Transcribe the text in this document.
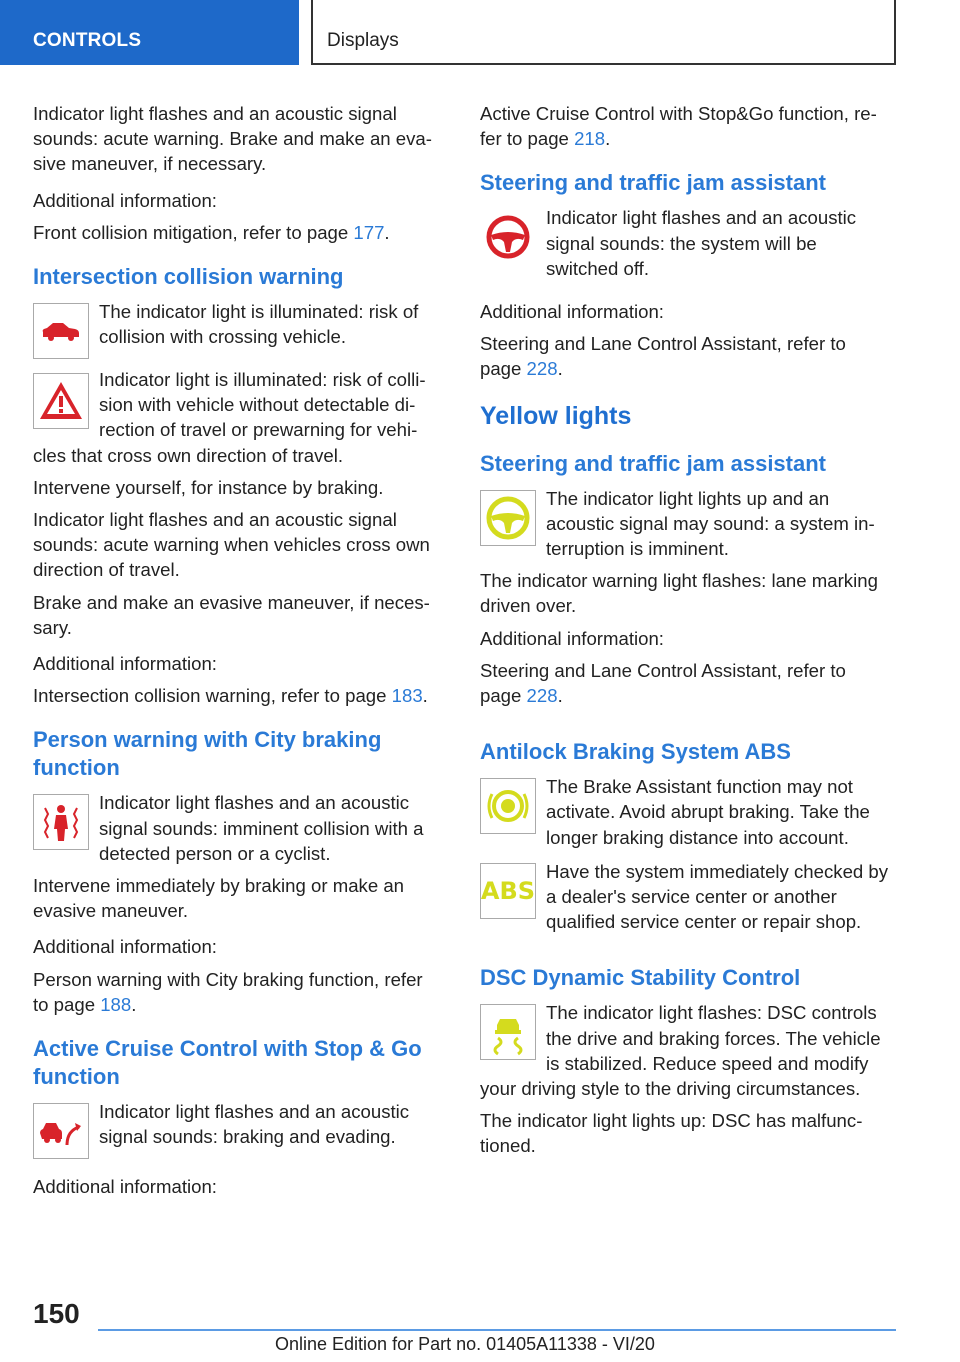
CONTROLS	Displays

Indicator light flashes and an acoustic signal sounds: acute warning. Brake and make an eva-sive maneuver, if necessary.

Additional information:

Front collision mitigation, refer to page 177.

Intersection collision warning

The indicator light is illuminated: risk of collision with crossing vehicle.

Indicator light is illuminated: risk of colli-sion with vehicle without detectable di-rection of travel or prewarning for vehi-cles that cross own direction of travel.

Intervene yourself, for instance by braking.

Indicator light flashes and an acoustic signal sounds: acute warning when vehicles cross own direction of travel.

Brake and make an evasive maneuver, if neces-sary.

Additional information:

Intersection collision warning, refer to page 183.

Person warning with City braking function

Indicator light flashes and an acoustic signal sounds: imminent collision with a detected person or a cyclist.

Intervene immediately by braking or make an evasive maneuver.

Additional information:

Person warning with City braking function, refer to page 188.

Active Cruise Control with Stop & Go function

Indicator light flashes and an acoustic signal sounds: braking and evading.

Additional information:

Active Cruise Control with Stop&Go function, re-fer to page 218.

Steering and traffic jam assistant

Indicator light flashes and an acoustic signal sounds: the system will be switched off.

Additional information:

Steering and Lane Control Assistant, refer to page 228.

Yellow lights
Steering and traffic jam assistant

The indicator light lights up and an acoustic signal may sound: a system in-terruption is imminent.

The indicator warning light flashes: lane marking driven over.

Additional information:

Steering and Lane Control Assistant, refer to page 228.

Antilock Braking System ABS

The Brake Assistant function may not activate. Avoid abrupt braking. Take the longer braking distance into account.

ABS

Have the system immediately checked by a dealer's service center or another qualified service center or repair shop.

DSC Dynamic Stability Control

The indicator light flashes: DSC controls the drive and braking forces. The vehicle is stabilized. Reduce speed and modify your driving style to the driving circumstances.

The indicator light lights up: DSC has malfunc-tioned.

150
Online Edition for Part no. 01405A11338 - VI/20
